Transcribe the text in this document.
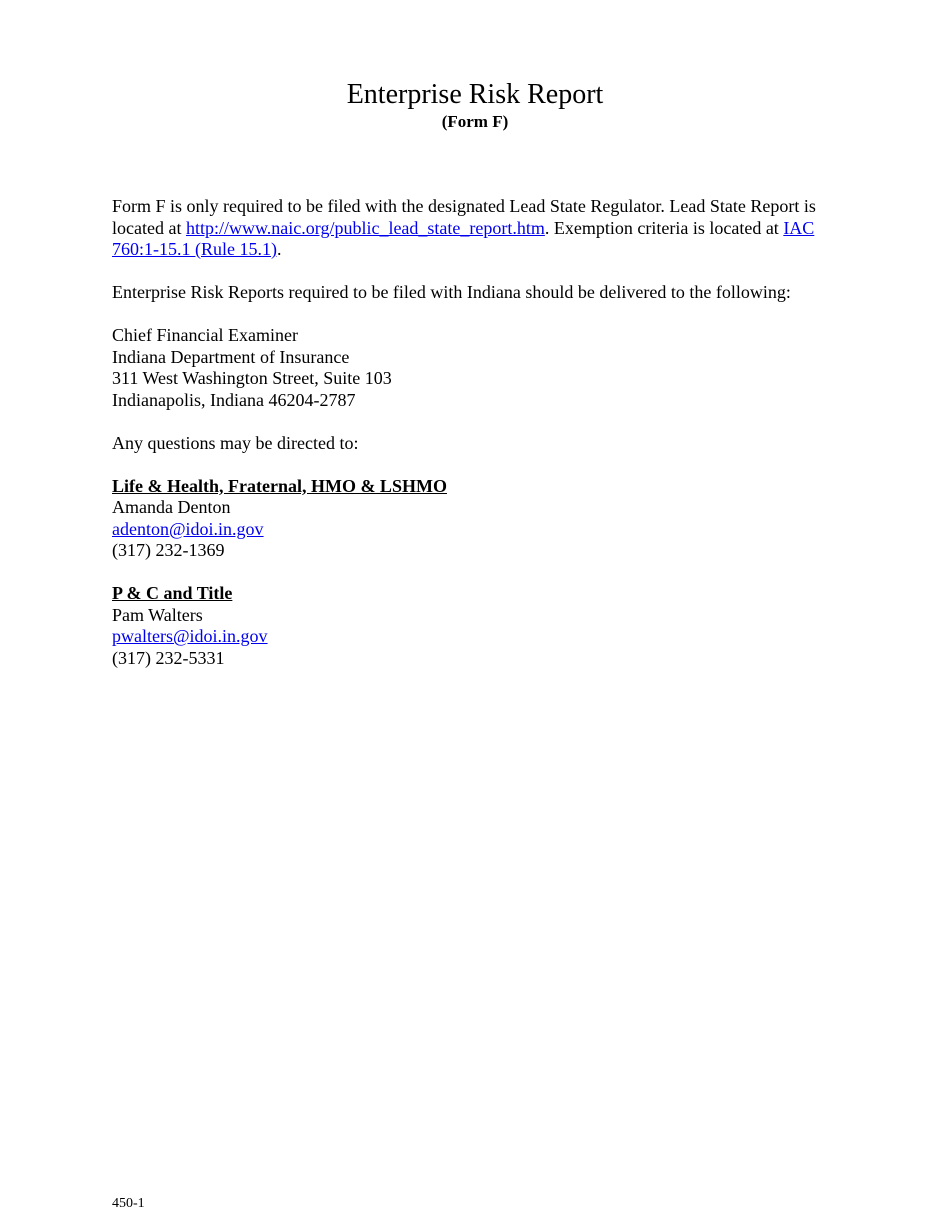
Enterprise Risk Report
(Form F)

Form F is only required to be filed with the designated Lead State Regulator. Lead State Report is located at http://www.naic.org/public_lead_state_report.htm. Exemption criteria is located at IAC 760:1-15.1 (Rule 15.1).

Enterprise Risk Reports required to be filed with Indiana should be delivered to the following:

Chief Financial Examiner
Indiana Department of Insurance
311 West Washington Street, Suite 103
Indianapolis, Indiana 46204-2787

Any questions may be directed to:

Life & Health, Fraternal, HMO & LSHMO
Amanda Denton
adenton@idoi.in.gov
(317) 232-1369

P & C and Title
Pam Walters
pwalters@idoi.in.gov
(317) 232-5331

450-1
